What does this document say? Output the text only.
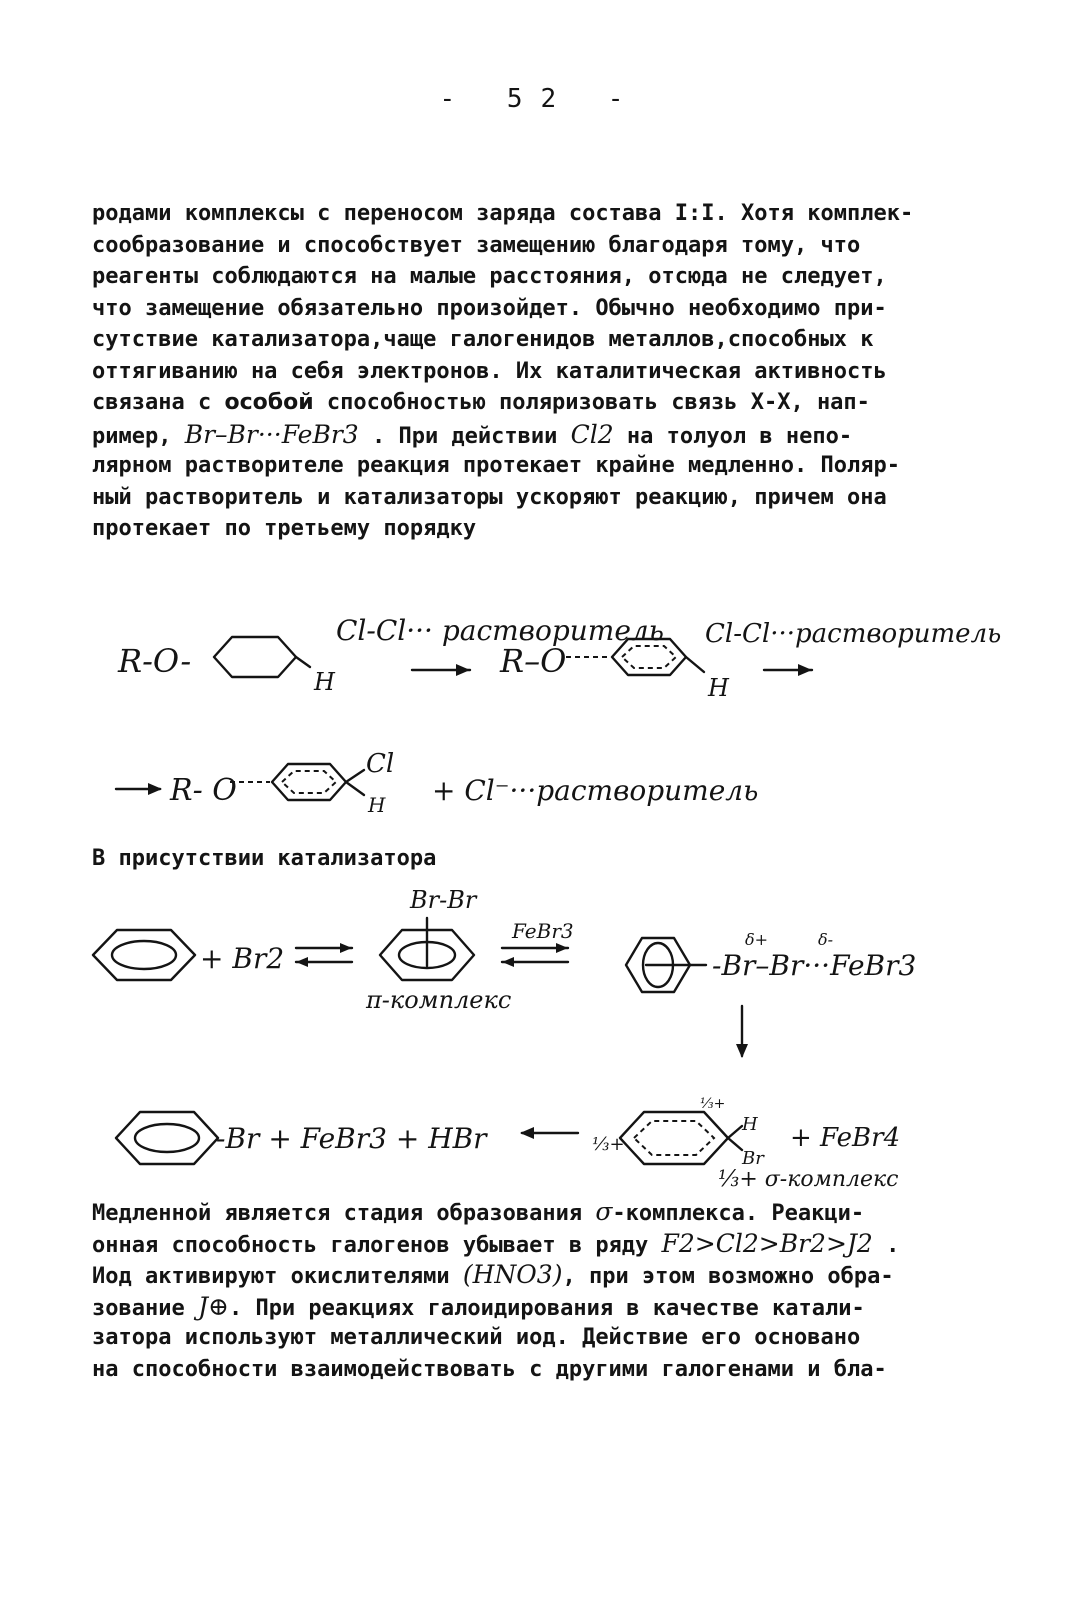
- 52 -
родами комплексы с переносом заряда состава I:I. Хотя комплек-
сообразование и способствует замещению благодаря тому, что
реагенты соблюдаются на малые расстояния, отсюда не следует,
что замещение обязательно произойдет. Обычно необходимо при-
сутствие катализатора,чаще галогенидов металлов,способных к
оттягиванию на себя электронов. Их каталитическая активность
связана с особой способностью поляризовать связь Х-Х, нап-
ример, Br–Br···FeBr3 . При действии Cl2 на толуол в непо-
лярном растворителе реакция протекает крайне медленно. Поляр-
ный растворитель и катализаторы ускоряют реакцию, причем она
протекает по третьему порядку
R-O-
H
Cl-Cl··· растворитель
R–O
H
Cl-Cl···растворитель
R- O
Cl
H + Cl⁻···растворитель
+ Br2
Br-Br
π-комплекс
FeBr3
-Br–Br···FeBr3
δ+	δ-
-Br + FeBr3 + HBr	⅓+
⅓+
H
Br
+ FeBr4
⅓+ σ-комплекс
В присутствии катализатора
Медленной является стадия образования σ-комплекса. Реакци-
онная способность галогенов убывает в ряду F2>Cl2>Br2>J2 .
Иод активируют окислителями (HNO3), при этом возможно обра-
зование J⊕. При реакциях галоидирования в качестве катали-
затора используют металлический иод. Действие его основано
на способности взаимодействовать с другими галогенами и бла-
